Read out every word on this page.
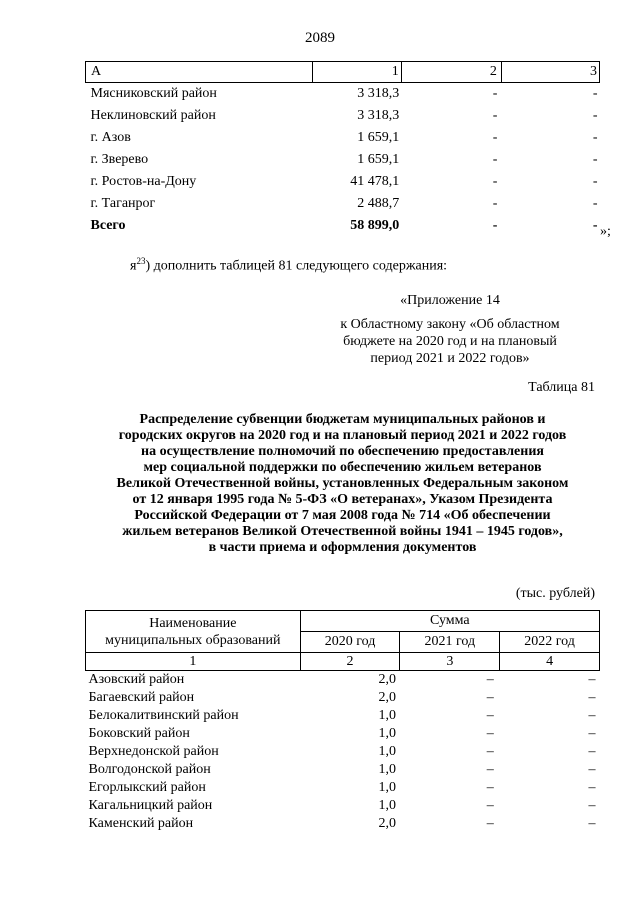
2089
А	1	2	3
Мясниковский район	3 318,3	-	-
Неклиновский район	3 318,3	-	-
г. Азов	1 659,1	-	-
г. Зверево	1 659,1	-	-
г. Ростов-на-Дону	41 478,1	-	-
г. Таганрог	2 488,7	-	-
Всего	58 899,0	-	- »;
$я^{23}$) дополнить таблицей 81 следующего содержания:
«Приложение 14
к Областному закону «Об областном
бюджете на 2020 год и на плановый
период 2021 и 2022 годов»
Таблица 81
Распределение субвенции бюджетам муниципальных районов и
городских округов на 2020 год и на плановый период 2021 и 2022 годов
на осуществление полномочий по обеспечению предоставления
мер социальной поддержки по обеспечению жильем ветеранов
Великой Отечественной войны, установленных Федеральным законом
от 12 января 1995 года № 5-ФЗ «О ветеранах», Указом Президента
Российской Федерации от 7 мая 2008 года № 714 «Об обеспечении
жильем ветеранов Великой Отечественной войны 1941 – 1945 годов»,
в части приема и оформления документов
(тыс. рублей)
Наименование
муниципальных образований	Сумма		
	2020 год	2021 год	2022 год
1	2	3	4
Азовский район	2,0	–	–
Багаевский район	2,0	–	–
Белокалитвинский район	1,0	–	–
Боковский район	1,0	–	–
Верхнедонской район	1,0	–	–
Волгодонской район	1,0	–	–
Егорлыкский район	1,0	–	–
Кагальницкий район	1,0	–	–
Каменский район	2,0	–	–
